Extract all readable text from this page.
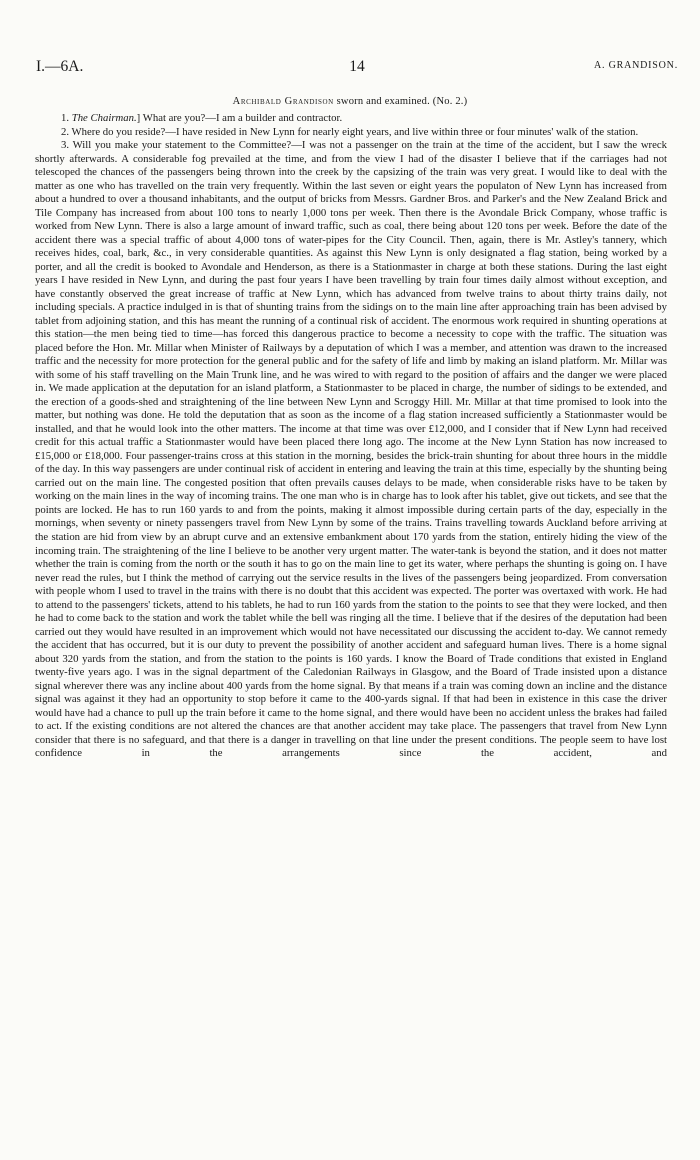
I.—6A.	14	A. GRANDISON.
Archibald Grandison sworn and examined. (No. 2.)

1. The Chairman.] What are you?—I am a builder and contractor.

2. Where do you reside?—I have resided in New Lynn for nearly eight years, and live within three or four minutes' walk of the station.

3. Will you make your statement to the Committee?—I was not a passenger on the train at the time of the accident, but I saw the wreck shortly afterwards. A considerable fog prevailed at the time, and from the view I had of the disaster I believe that if the carriages had not telescoped the chances of the passengers being thrown into the creek by the capsizing of the train was very great. I would like to deal with the matter as one who has travelled on the train very frequently. Within the last seven or eight years the populaton of New Lynn has increased from about a hundred to over a thousand inhabitants, and the output of bricks from Messrs. Gardner Bros. and Parker's and the New Zealand Brick and Tile Company has increased from about 100 tons to nearly 1,000 tons per week. Then there is the Avondale Brick Company, whose traffic is worked from New Lynn. There is also a large amount of inward traffic, such as coal, there being about 120 tons per week. Before the date of the accident there was a special traffic of about 4,000 tons of water-pipes for the City Council. Then, again, there is Mr. Astley's tannery, which receives hides, coal, bark, &c., in very considerable quantities. As against this New Lynn is only designated a flag station, being worked by a porter, and all the credit is booked to Avondale and Henderson, as there is a Stationmaster in charge at both these stations. During the last eight years I have resided in New Lynn, and during the past four years I have been travelling by train four times daily almost without exception, and have constantly observed the great increase of traffic at New Lynn, which has advanced from twelve trains to about thirty trains daily, not including specials. A practice indulged in is that of shunting trains from the sidings on to the main line after approaching train has been advised by tablet from adjoining station, and this has meant the running of a continual risk of accident. The enormous work required in shunting operations at this station—the men being tied to time—has forced this dangerous practice to become a necessity to cope with the traffic. The situation was placed before the Hon. Mr. Millar when Minister of Railways by a deputation of which I was a member, and attention was drawn to the increased traffic and the necessity for more protection for the general public and for the safety of life and limb by making an island platform. Mr. Millar was with some of his staff travelling on the Main Trunk line, and he was wired to with regard to the position of affairs and the danger we were placed in. We made application at the deputation for an island platform, a Stationmaster to be placed in charge, the number of sidings to be extended, and the erection of a goods-shed and straightening of the line between New Lynn and Scroggy Hill. Mr. Millar at that time promised to look into the matter, but nothing was done. He told the deputation that as soon as the income of a flag station increased sufficiently a Stationmaster would be installed, and that he would look into the other matters. The income at that time was over £12,000, and I consider that if New Lynn had received credit for this actual traffic a Stationmaster would have been placed there long ago. The income at the New Lynn Station has now increased to £15,000 or £18,000. Four passenger-trains cross at this station in the morning, besides the brick-train shunting for about three hours in the middle of the day. In this way passengers are under continual risk of accident in entering and leaving the train at this time, especially by the shunting being carried out on the main line. The congested position that often prevails causes delays to be made, when considerable risks have to be taken by working on the main lines in the way of incoming trains. The one man who is in charge has to look after his tablet, give out tickets, and see that the points are locked. He has to run 160 yards to and from the points, making it almost impossible during certain parts of the day, especially in the mornings, when seventy or ninety passengers travel from New Lynn by some of the trains. Trains travelling towards Auckland before arriving at the station are hid from view by an abrupt curve and an extensive embankment about 170 yards from the station, entirely hiding the view of the incoming train. The straightening of the line I believe to be another very urgent matter. The water-tank is beyond the station, and it does not matter whether the train is coming from the north or the south it has to go on the main line to get its water, where perhaps the shunting is going on. I have never read the rules, but I think the method of carrying out the service results in the lives of the passengers being jeopardized. From conversation with people whom I used to travel in the trains with there is no doubt that this accident was expected. The porter was overtaxed with work. He had to attend to the passengers' tickets, attend to his tablets, he had to run 160 yards from the station to the points to see that they were locked, and then he had to come back to the station and work the tablet while the bell was ringing all the time. I believe that if the desires of the deputation had been carried out they would have resulted in an improvement which would not have necessitated our discussing the accident to-day. We cannot remedy the accident that has occurred, but it is our duty to prevent the possibility of another accident and safeguard human lives. There is a home signal about 320 yards from the station, and from the station to the points is 160 yards. I know the Board of Trade conditions that existed in England twenty-five years ago. I was in the signal department of the Caledonian Railways in Glasgow, and the Board of Trade insisted upon a distance signal wherever there was any incline about 400 yards from the home signal. By that means if a train was coming down an incline and the distance signal was against it they had an opportunity to stop before it came to the 400-yards signal. If that had been in existence in this case the driver would have had a chance to pull up the train before it came to the home signal, and there would have been no accident unless the brakes had failed to act. If the existing conditions are not altered the chances are that another accident may take place. The passengers that travel from New Lynn consider that there is no safeguard, and that there is a danger in travelling on that line under the present conditions. The people seem to have lost confidence in the arrangements since the accident, and
